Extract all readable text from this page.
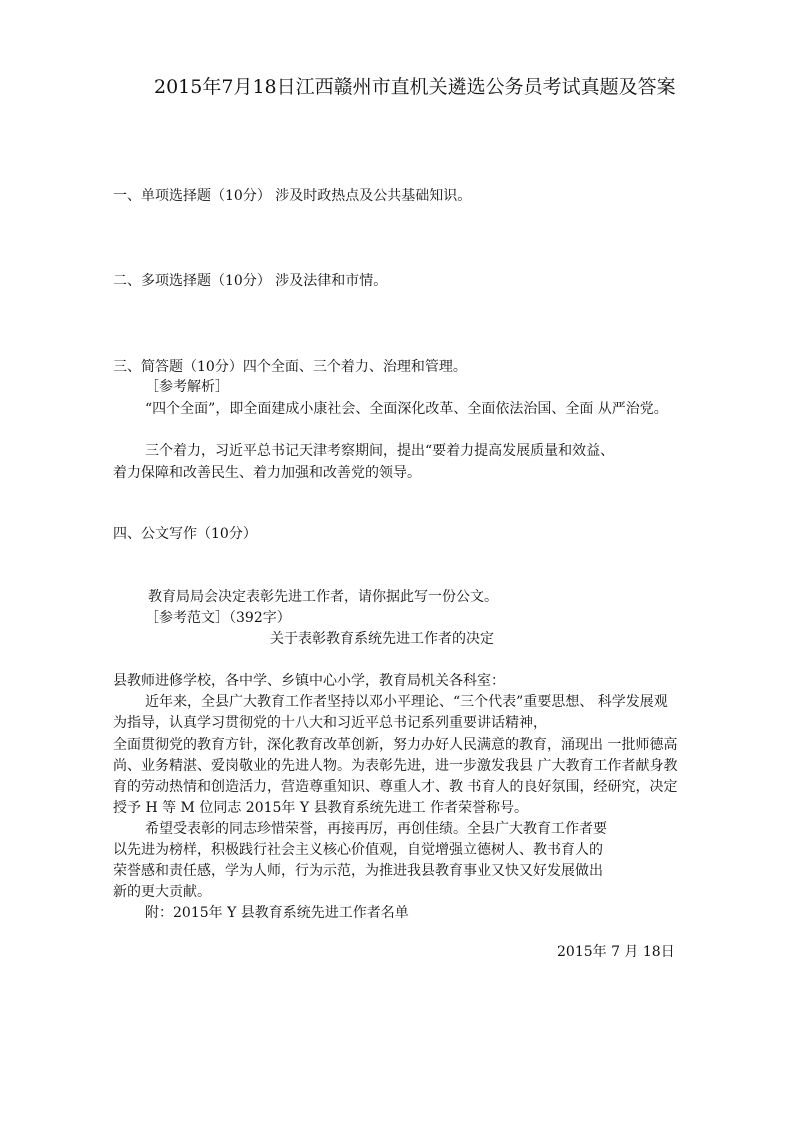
2015年7月18日江西赣州市直机关遴选公务员考试真题及答案
一、单项选择题（10分） 涉及时政热点及公共基础知识。
二、多项选择题（10分） 涉及法律和市情。
三、简答题（10分）四个全面、三个着力、治理和管理。
［参考解析］
“四个全面”，即全面建成小康社会、全面深化改革、全面依法治国、全面 从严治党。
三个着力，习近平总书记天津考察期间，提出“要着力提高发展质量和效益、
着力保障和改善民生、着力加强和改善党的领导。
四、公文写作（10分）
教育局局会决定表彰先进工作者，请你据此写一份公文。
［参考范文］（392字）
关于表彰教育系统先进工作者的决定
县教师进修学校，各中学、乡镇中心小学，教育局机关各科室：
近年来，全县广大教育工作者坚持以邓小平理论、“三个代表”重要思想、 科学发展观
为指导，认真学习贯彻党的十八大和习近平总书记系列重要讲话精神，
全面贯彻党的教育方针，深化教育改革创新，努力办好人民满意的教育，涌现出 一批师德高
尚、业务精湛、爱岗敬业的先进人物。为表彰先进，进一步激发我县 广大教育工作者献身教
育的劳动热情和创造活力，营造尊重知识、尊重人才、教 书育人的良好氛围，经研究，决定
授予 H 等 M 位同志 2015年 Y 县教育系统先进工 作者荣誉称号。
希望受表彰的同志珍惜荣誉，再接再厉，再创佳绩。全县广大教育工作者要
以先进为榜样，积极践行社会主义核心价值观，自觉增强立德树人、教书育人的
荣誉感和责任感，学为人师，行为示范，为推进我县教育事业又快又好发展做出
新的更大贡献。
附：2015年 Y 县教育系统先进工作者名单
2015年 7 月 18日
